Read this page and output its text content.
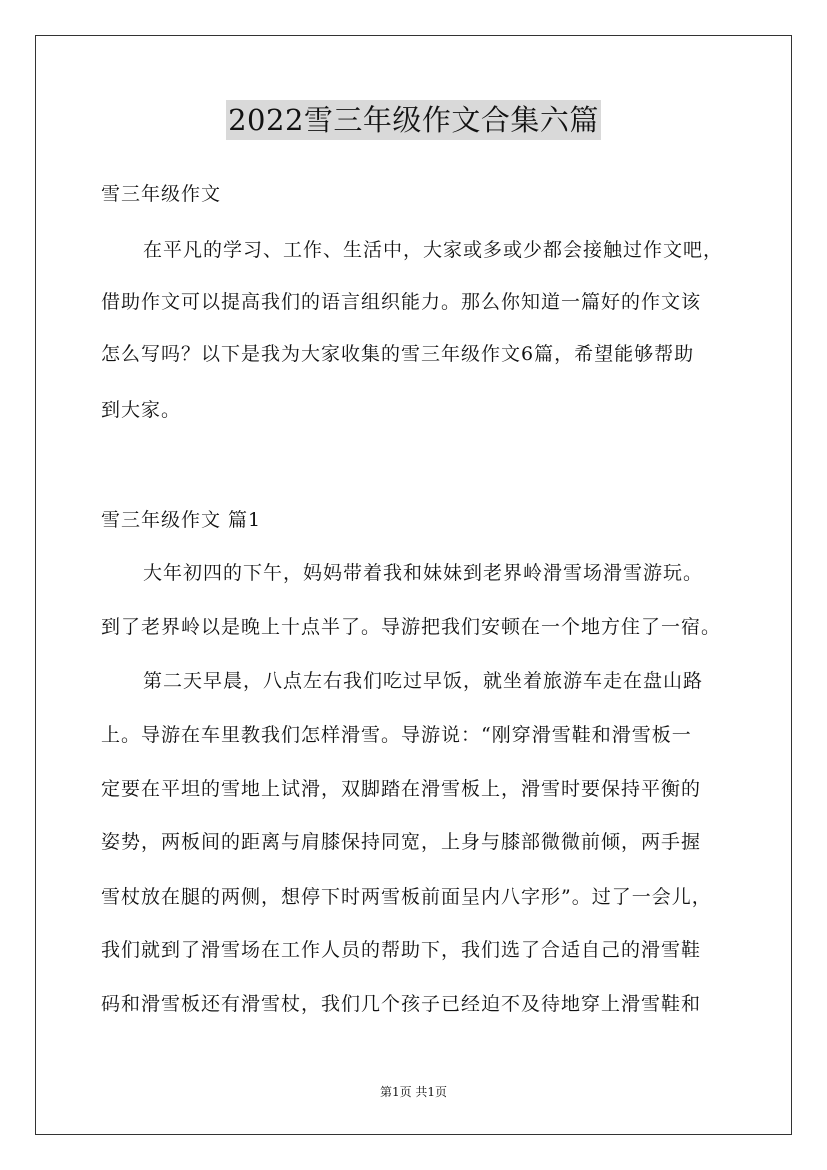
2022雪三年级作文合集六篇
雪三年级作文
在平凡的学习、工作、生活中，大家或多或少都会接触过作文吧，
借助作文可以提高我们的语言组织能力。那么你知道一篇好的作文该
怎么写吗？以下是我为大家收集的雪三年级作文6篇，希望能够帮助
到大家。
雪三年级作文 篇1
大年初四的下午，妈妈带着我和妹妹到老界岭滑雪场滑雪游玩。
到了老界岭以是晚上十点半了。导游把我们安顿在一个地方住了一宿。
第二天早晨，八点左右我们吃过早饭，就坐着旅游车走在盘山路
上。导游在车里教我们怎样滑雪。导游说：“刚穿滑雪鞋和滑雪板一
定要在平坦的雪地上试滑，双脚踏在滑雪板上，滑雪时要保持平衡的
姿势，两板间的距离与肩膝保持同宽，上身与膝部微微前倾，两手握
雪杖放在腿的两侧，想停下时两雪板前面呈内八字形”。过了一会儿，
我们就到了滑雪场在工作人员的帮助下，我们选了合适自己的滑雪鞋
码和滑雪板还有滑雪杖，我们几个孩子已经迫不及待地穿上滑雪鞋和
第1页 共1页
